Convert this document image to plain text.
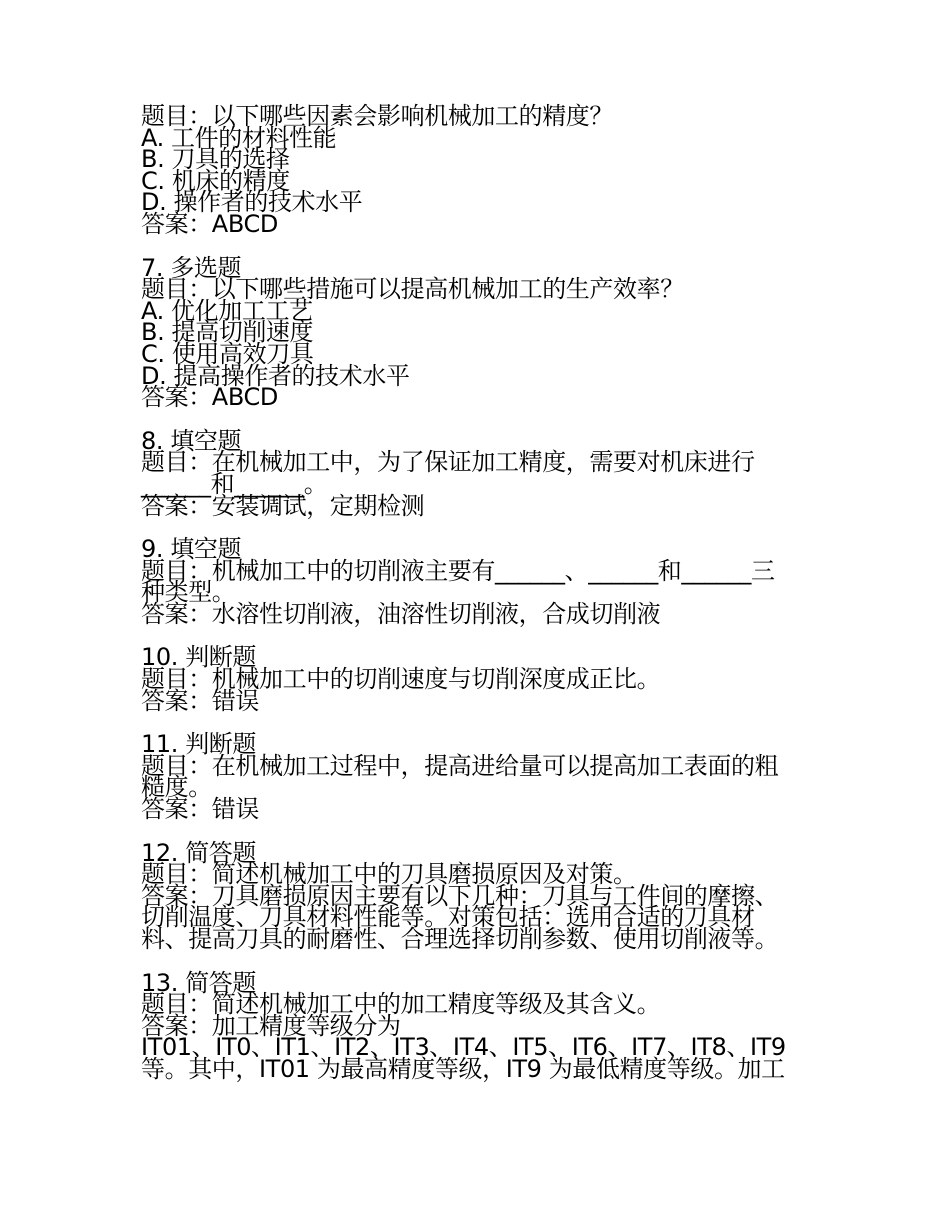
题目：以下哪些因素会影响机械加工的精度？
A. 工件的材料性能
B. 刀具的选择
C. 机床的精度
D. 操作者的技术水平
答案：ABCD
7. 多选题
题目：以下哪些措施可以提高机械加工的生产效率？
A. 优化加工工艺
B. 提高切削速度
C. 使用高效刀具
D. 提高操作者的技术水平
答案：ABCD
8. 填空题
题目：在机械加工中，为了保证加工精度，需要对机床进行
______和______。
答案：安装调试，定期检测
9. 填空题
题目：机械加工中的切削液主要有______、______和______三
种类型。
答案：水溶性切削液，油溶性切削液，合成切削液
10. 判断题
题目：机械加工中的切削速度与切削深度成正比。
答案：错误
11. 判断题
题目：在机械加工过程中，提高进给量可以提高加工表面的粗
糙度。
答案：错误
12. 简答题
题目：简述机械加工中的刀具磨损原因及对策。
答案：刀具磨损原因主要有以下几种：刀具与工件间的摩擦、
切削温度、刀具材料性能等。对策包括：选用合适的刀具材
料、提高刀具的耐磨性、合理选择切削参数、使用切削液等。
13. 简答题
题目：简述机械加工中的加工精度等级及其含义。
答案：加工精度等级分为
IT01、IT0、IT1、IT2、IT3、IT4、IT5、IT6、IT7、IT8、IT9
等。其中，IT01 为最高精度等级，IT9 为最低精度等级。加工
